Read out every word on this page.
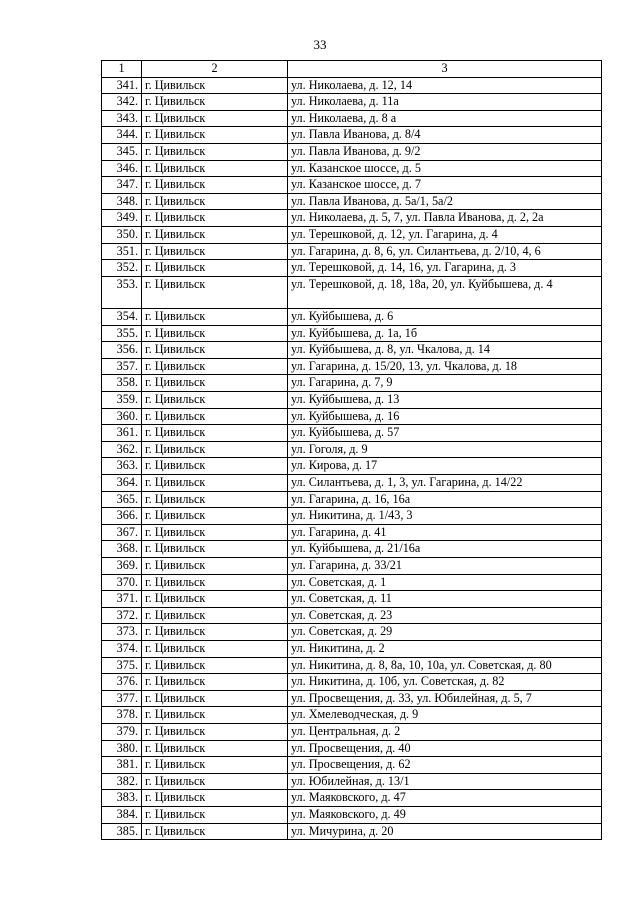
33
1	2	3
341.	г. Цивильск	ул. Николаева, д. 12, 14
342.	г. Цивильск	ул. Николаева, д. 11а
343.	г. Цивильск	ул. Николаева, д. 8 а
344.	г. Цивильск	ул. Павла Иванова, д. 8/4
345.	г. Цивильск	ул. Павла Иванова, д. 9/2
346.	г. Цивильск	ул. Казанское шоссе, д. 5
347.	г. Цивильск	ул. Казанское шоссе, д. 7
348.	г. Цивильск	ул. Павла Иванова, д. 5а/1, 5а/2
349.	г. Цивильск	ул. Николаева, д. 5, 7, ул. Павла Иванова, д. 2, 2а
350.	г. Цивильск	ул. Терешковой, д. 12, ул. Гагарина, д. 4
351.	г. Цивильск	ул. Гагарина, д. 8, 6, ул. Силантьева, д. 2/10, 4, 6
352.	г. Цивильск	ул. Терешковой, д. 14, 16, ул. Гагарина, д. 3
353.	г. Цивильск	ул. Терешковой, д. 18, 18а, 20, ул. Куйбышева, д. 4
354.	г. Цивильск	ул. Куйбышева, д. 6
355.	г. Цивильск	ул. Куйбышева, д. 1а, 1б
356.	г. Цивильск	ул. Куйбышева, д. 8, ул. Чкалова, д. 14
357.	г. Цивильск	ул. Гагарина, д. 15/20, 13, ул. Чкалова, д. 18
358.	г. Цивильск	ул. Гагарина, д. 7, 9
359.	г. Цивильск	ул. Куйбышева, д. 13
360.	г. Цивильск	ул. Куйбышева, д. 16
361.	г. Цивильск	ул. Куйбышева, д. 57
362.	г. Цивильск	ул. Гоголя, д. 9
363.	г. Цивильск	ул. Кирова, д. 17
364.	г. Цивильск	ул. Силантьева, д. 1, 3, ул. Гагарина, д. 14/22
365.	г. Цивильск	ул. Гагарина, д. 16, 16а
366.	г. Цивильск	ул. Никитина, д. 1/43, 3
367.	г. Цивильск	ул. Гагарина, д. 41
368.	г. Цивильск	ул. Куйбышева, д. 21/16а
369.	г. Цивильск	ул. Гагарина, д. 33/21
370.	г. Цивильск	ул. Советская, д. 1
371.	г. Цивильск	ул. Советская, д. 11
372.	г. Цивильск	ул. Советская, д. 23
373.	г. Цивильск	ул. Советская, д. 29
374.	г. Цивильск	ул. Никитина, д. 2
375.	г. Цивильск	ул. Никитина, д. 8, 8а, 10, 10а, ул. Советская, д. 80
376.	г. Цивильск	ул. Никитина, д. 10б, ул. Советская, д. 82
377.	г. Цивильск	ул. Просвещения, д. 33, ул. Юбилейная, д. 5, 7
378.	г. Цивильск	ул. Хмелеводческая, д. 9
379.	г. Цивильск	ул. Центральная, д. 2
380.	г. Цивильск	ул. Просвещения, д. 40
381.	г. Цивильск	ул. Просвещения, д. 62
382.	г. Цивильск	ул. Юбилейная, д. 13/1
383.	г. Цивильск	ул. Маяковского, д. 47
384.	г. Цивильск	ул. Маяковского, д. 49
385.	г. Цивильск	ул. Мичурина, д. 20
